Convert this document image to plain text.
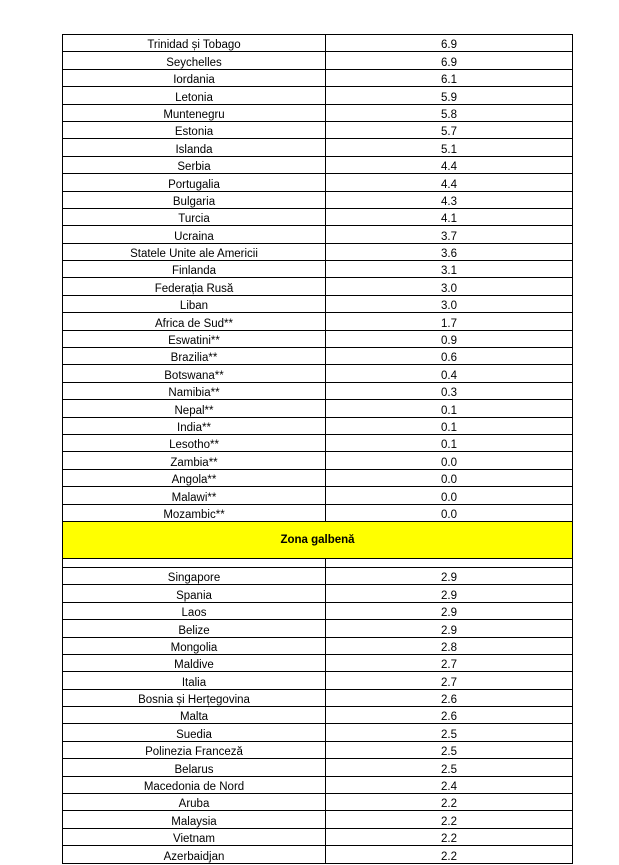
Trinidad și Tobago	6.9
Seychelles	6.9
Iordania	6.1
Letonia	5.9
Muntenegru	5.8
Estonia	5.7
Islanda	5.1
Serbia	4.4
Portugalia	4.4
Bulgaria	4.3
Turcia	4.1
Ucraina	3.7
Statele Unite ale Americii	3.6
Finlanda	3.1
Federația Rusă	3.0
Liban	3.0
Africa de Sud**	1.7
Eswatini**	0.9
Brazilia**	0.6
Botswana**	0.4
Namibia**	0.3
Nepal**	0.1
India**	0.1
Lesotho**	0.1
Zambia**	0.0
Angola**	0.0
Malawi**	0.0
Mozambic**	0.0
Zona galbenă	

Singapore	2.9
Spania	2.9
Laos	2.9
Belize	2.9
Mongolia	2.8
Maldive	2.7
Italia	2.7
Bosnia și Herțegovina	2.6
Malta	2.6
Suedia	2.5
Polinezia Franceză	2.5
Belarus	2.5
Macedonia de Nord	2.4
Aruba	2.2
Malaysia	2.2
Vietnam	2.2
Azerbaidjan	2.2
